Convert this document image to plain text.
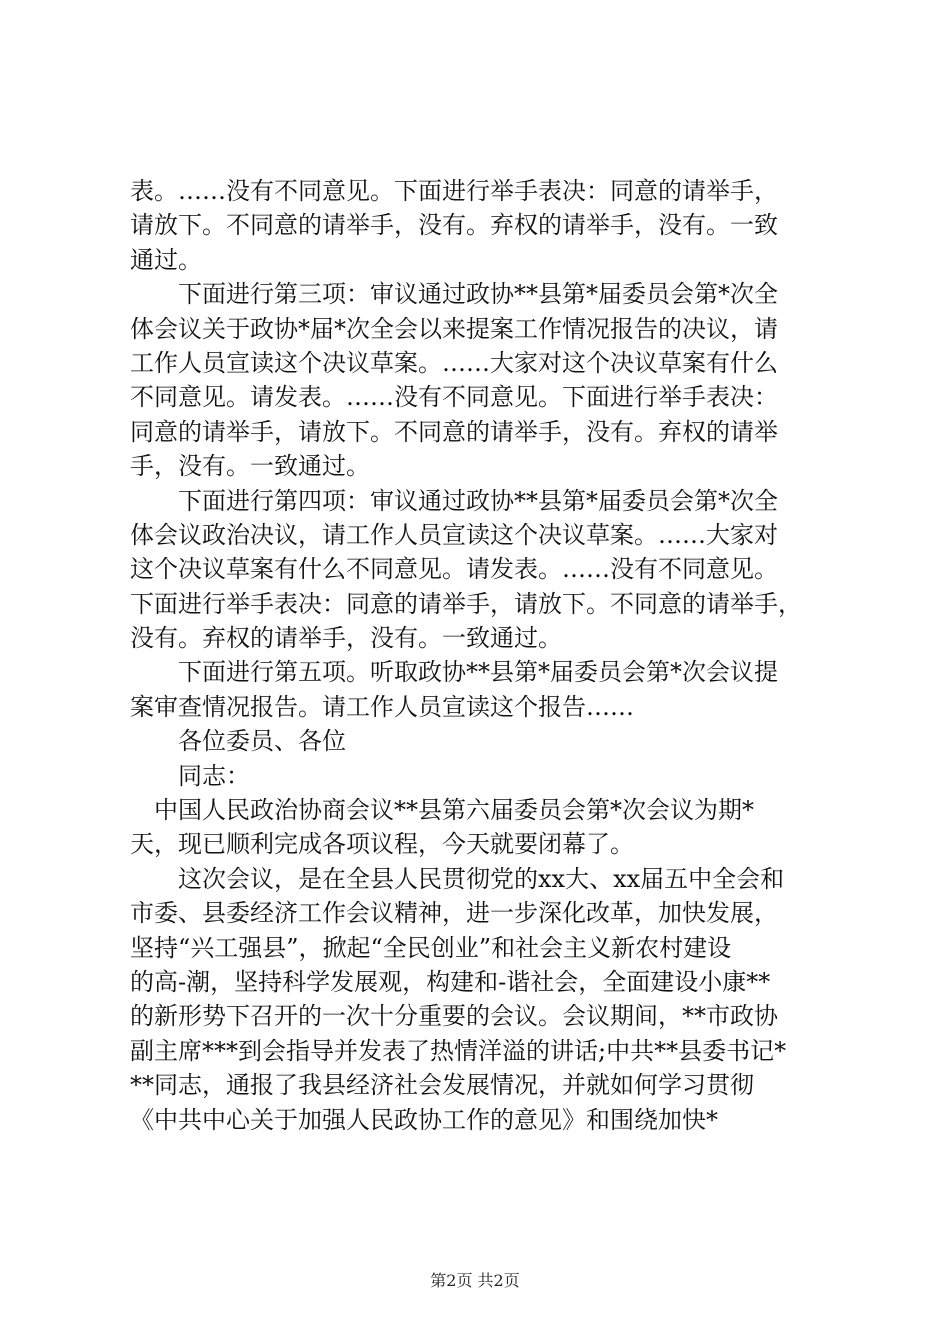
表。……没有不同意见。下面进行举手表决：同意的请举手，
请放下。不同意的请举手，没有。弃权的请举手，没有。一致
通过。
　　下面进行第三项：审议通过政协**县第*届委员会第*次全
体会议关于政协*届*次全会以来提案工作情况报告的决议，请
工作人员宣读这个决议草案。……大家对这个决议草案有什么
不同意见。请发表。……没有不同意见。下面进行举手表决：
同意的请举手，请放下。不同意的请举手，没有。弃权的请举
手，没有。一致通过。
　　下面进行第四项：审议通过政协**县第*届委员会第*次全
体会议政治决议，请工作人员宣读这个决议草案。……大家对
这个决议草案有什么不同意见。请发表。……没有不同意见。
下面进行举手表决：同意的请举手，请放下。不同意的请举手，
没有。弃权的请举手，没有。一致通过。
　　下面进行第五项。听取政协**县第*届委员会第*次会议提
案审查情况报告。请工作人员宣读这个报告……
　　各位委员、各位
　　同志：
　中国人民政治协商会议**县第六届委员会第*次会议为期*
天，现已顺利完成各项议程，今天就要闭幕了。
　　这次会议，是在全县人民贯彻党的xx大、xx届五中全会和
市委、县委经济工作会议精神，进一步深化改革，加快发展，
坚持“兴工强县”，掀起“全民创业”和社会主义新农村建设
的高-潮，坚持科学发展观，构建和-谐社会，全面建设小康**
的新形势下召开的一次十分重要的会议。会议期间，**市政协
副主席***到会指导并发表了热情洋溢的讲话;中共**县委书记*
**同志，通报了我县经济社会发展情况，并就如何学习贯彻
《中共中心关于加强人民政协工作的意见》和围绕加快*
第2页 共2页
